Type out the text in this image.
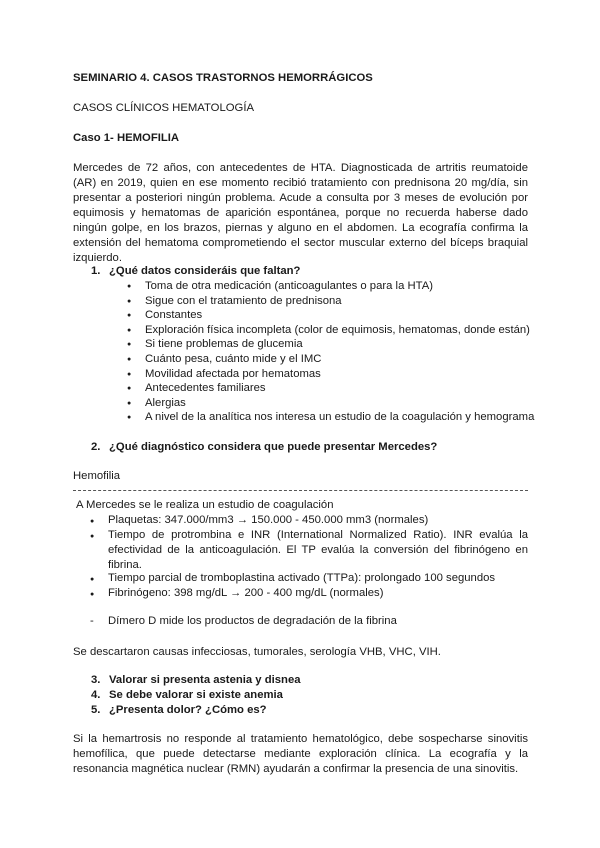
SEMINARIO 4. CASOS TRASTORNOS HEMORRÁGICOS
CASOS CLÍNICOS HEMATOLOGÍA
Caso 1- HEMOFILIA
Mercedes de 72 años, con antecedentes de HTA. Diagnosticada de artritis reumatoide (AR) en 2019, quien en ese momento recibió tratamiento con prednisona 20 mg/día, sin presentar a posteriori ningún problema. Acude a consulta por 3 meses de evolución por equimosis y hematomas de aparición espontánea, porque no recuerda haberse dado ningún golpe, en los brazos, piernas y alguno en el abdomen. La ecografía confirma la extensión del hematoma comprometiendo el sector muscular externo del bíceps braquial izquierdo.
1. ¿Qué datos consideráis que faltan?
● Toma de otra medicación (anticoagulantes o para la HTA)
● Sigue con el tratamiento de prednisona
● Constantes
● Exploración física incompleta (color de equimosis, hematomas, donde están)
● Si tiene problemas de glucemia
● Cuánto pesa, cuánto mide y el IMC
● Movilidad afectada por hematomas
● Antecedentes familiares
● Alergias
● A nivel de la analítica nos interesa un estudio de la coagulación y hemograma
2. ¿Qué diagnóstico considera que puede presentar Mercedes?
Hemofilia
A Mercedes se le realiza un estudio de coagulación
● Plaquetas: 347.000/mm3 → 150.000 - 450.000 mm3 (normales)
● Tiempo de protrombina e INR (International Normalized Ratio). INR evalúa la efectividad de la anticoagulación. El TP evalúa la conversión del fibrinógeno en fibrina.
● Tiempo parcial de tromboplastina activado (TTPa): prolongado 100 segundos
● Fibrinógeno: 398 mg/dL → 200 - 400 mg/dL (normales)
- Dímero D mide los productos de degradación de la fibrina
Se descartaron causas infecciosas, tumorales, serología VHB, VHC, VIH.
3. Valorar si presenta astenia y disnea
4. Se debe valorar si existe anemia
5. ¿Presenta dolor? ¿Cómo es?
Si la hemartrosis no responde al tratamiento hematológico, debe sospecharse sinovitis hemofílica, que puede detectarse mediante exploración clínica. La ecografía y la resonancia magnética nuclear (RMN) ayudarán a confirmar la presencia de una sinovitis.
